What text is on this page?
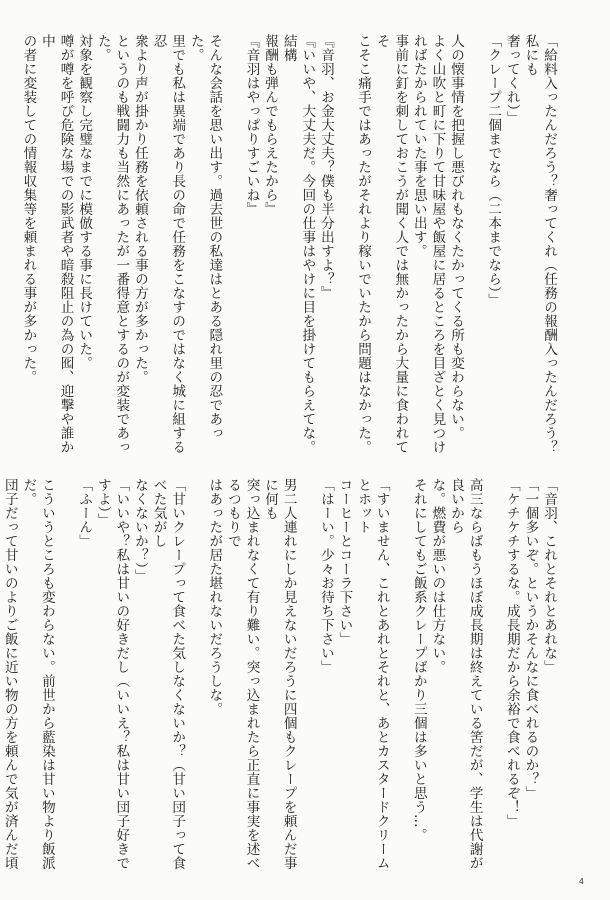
「給料入ったんだろう？奢ってくれ（任務の報酬入ったんだろう？私にも
奢ってくれ）」
「クレープ二個までなら（二本までなら）」

人の懐事情を把握し悪びれもなくたかってくる所も変わらない。
よく山吹と町に下りて甘味屋や飯屋に居るところを目ざとく見つけ
ればたかられていた事を思い出す。
事前に釘を刺しておこうが聞く人では無かったから大量に食われてそ
こそこ痛手ではあったがそれより稼いでいたから問題はなかった。

『音羽、お金大丈夫？僕も半分出すよ？』
『いいや、大丈夫だ。今回の仕事はやけに目を掛けてもらえてな。結構
報酬も弾んでもらえたから』
『音羽はやっぱりすごいね』

そんな会話を思い出す。過去世の私達はとある隠れ里の忍であった。
里でも私は異端であり長の命で任務をこなすのではなく城に組する忍
衆より声が掛かり任務を依頼される事の方が多かった。
というのも戦闘力も当然にあったが一番得意とするのが変装であった。
対象を観察し完璧なまでに模倣する事に長けていた。
噂が噂を呼び危険な場での影武者や暗殺阻止の為の囮、迎撃や誰か中
の者に変装しての情報収集等を頼まれる事が多かった。

「音羽、これとそれとあれな」
「一個多いぞ。というかそんなに食べれるのか？」
「ケチケチするな。成長期だから余裕で食べれるぞ！」

高三ならばもうほぼ成長期は終えている筈だが、学生は代謝が良いから
な。燃費が悪いのは仕方ない。
それにしてもご飯系クレープばかり三個は多いと思う…。

「すいません、これとあれとそれと、あとカスタードクリームとホット
コーヒーとコーラ下さい」
「はーい。少々お待ち下さい」

男二人連れにしか見えないだろうに四個もクレープを頼んだ事に何も
突っ込まれなくて有り難い。突っ込まれたら正直に事実を述べるつもりで
はあったが居た堪れないだろうしな。

「甘いクレープって食べた気しなくないか？（甘い団子って食べた気がし
なくないか？）」
「いいや？私は甘いの好きだし（いいえ？私は甘い団子好きですよ）」
「ふーん」

こういうところも変わらない。前世から藍染は甘い物より飯派だ。
団子だって甘いのよりご飯に近い物の方を頼んで気が済んだ頃

4
